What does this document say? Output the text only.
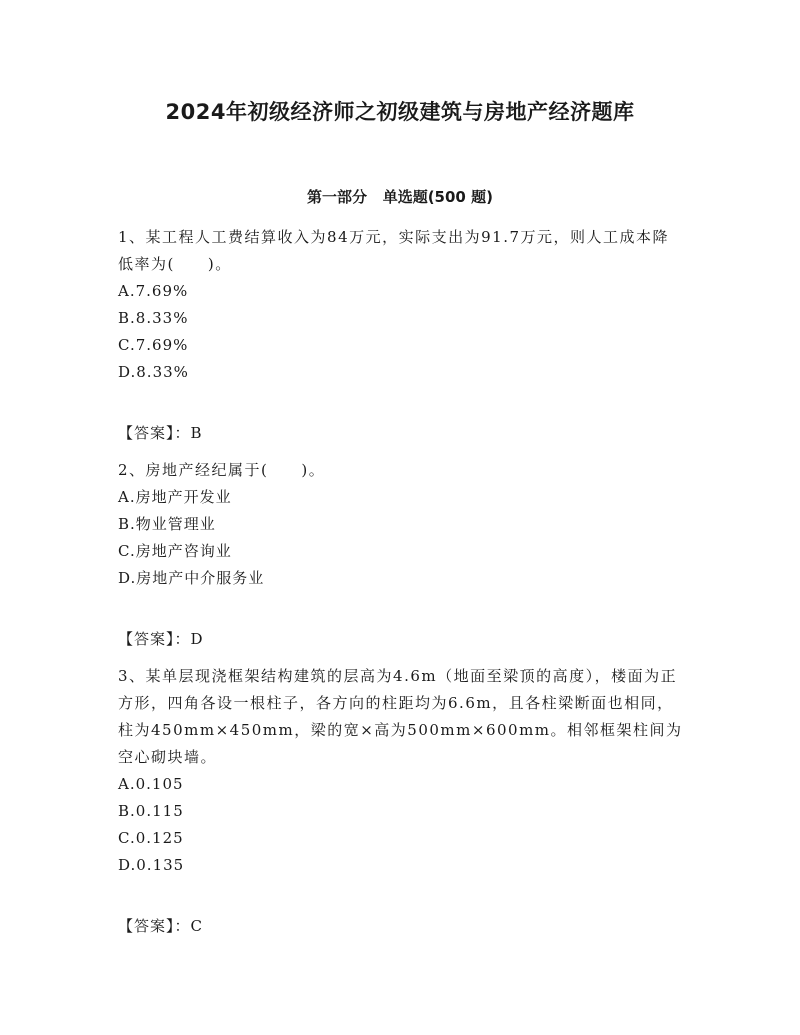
2024年初级经济师之初级建筑与房地产经济题库
第一部分   单选题(500 题)

1、某工程人工费结算收入为84万元，实际支出为91.7万元，则人工成本降低率为(　　)。

A.7.69%

B.8.33%

C.7.69%

D.8.33%

【答案】：B

2、房地产经纪属于(　　)。

A.房地产开发业

B.物业管理业

C.房地产咨询业

D.房地产中介服务业

【答案】：D

3、某单层现浇框架结构建筑的层高为4.6m（地面至梁顶的高度），楼面为正方形，四角各设一根柱子，各方向的柱距均为6.6m，且各柱梁断面也相同，柱为450mm×450mm，梁的宽×高为500mm×600mm。相邻框架柱间为空心砌块墙。

A.0.105

B.0.115

C.0.125

D.0.135

【答案】：C
